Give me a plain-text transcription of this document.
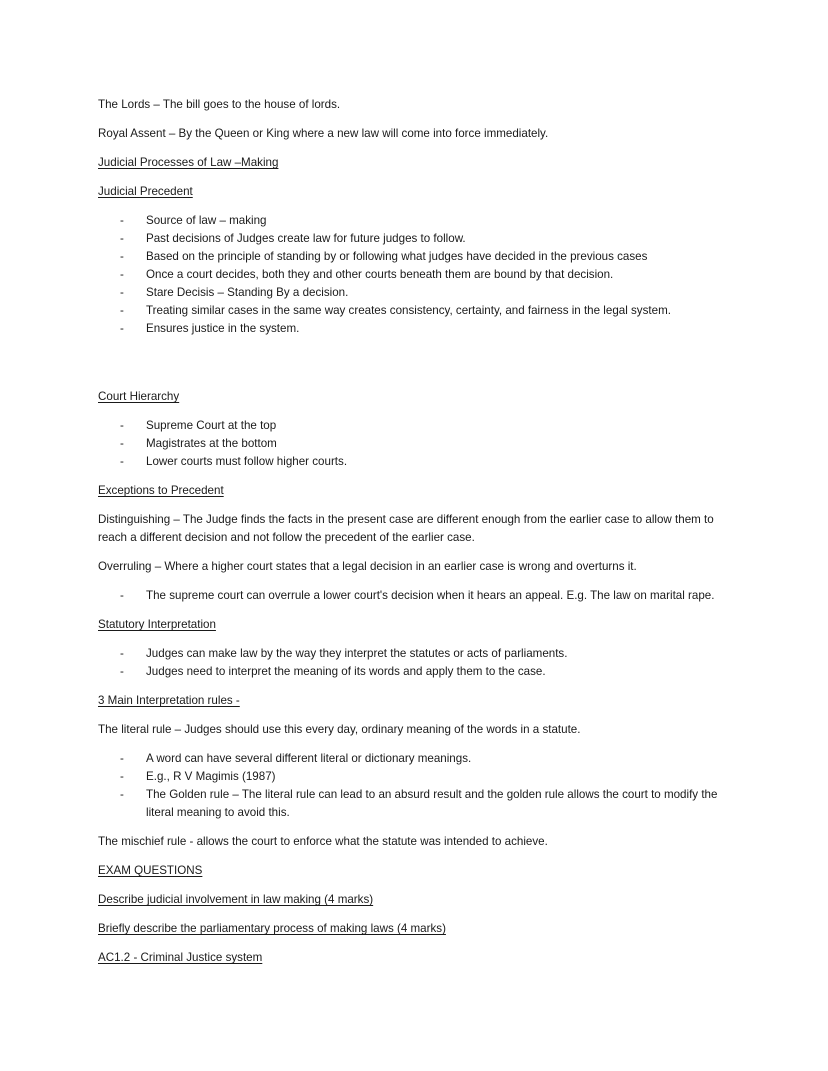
The Lords – The bill goes to the house of lords.

Royal Assent – By the Queen or King where a new law will come into force immediately.

Judicial Processes of Law –Making

Judicial Precedent

- Source of law – making
- Past decisions of Judges create law for future judges to follow.
- Based on the principle of standing by or following what judges have decided in the previous cases
- Once a court decides, both they and other courts beneath them are bound by that decision.
- Stare Decisis – Standing By a decision.
- Treating similar cases in the same way creates consistency, certainty, and fairness in the legal system.
- Ensures justice in the system.

Court Hierarchy

- Supreme Court at the top
- Magistrates at the bottom
- Lower courts must follow higher courts.

Exceptions to Precedent

Distinguishing – The Judge finds the facts in the present case are different enough from the earlier case to allow them to reach a different decision and not follow the precedent of the earlier case.

Overruling – Where a higher court states that a legal decision in an earlier case is wrong and overturns it.

- The supreme court can overrule a lower court's decision when it hears an appeal. E.g. The law on marital rape.

Statutory Interpretation

- Judges can make law by the way they interpret the statutes or acts of parliaments.
- Judges need to interpret the meaning of its words and apply them to the case.

3 Main Interpretation rules -

The literal rule – Judges should use this every day, ordinary meaning of the words in a statute.

- A word can have several different literal or dictionary meanings.
- E.g., R V Magimis (1987)
- The Golden rule – The literal rule can lead to an absurd result and the golden rule allows the court to modify the literal meaning to avoid this.

The mischief rule - allows the court to enforce what the statute was intended to achieve.

EXAM QUESTIONS

Describe judicial involvement in law making (4 marks)

Briefly describe the parliamentary process of making laws (4 marks)

AC1.2 - Criminal Justice system
